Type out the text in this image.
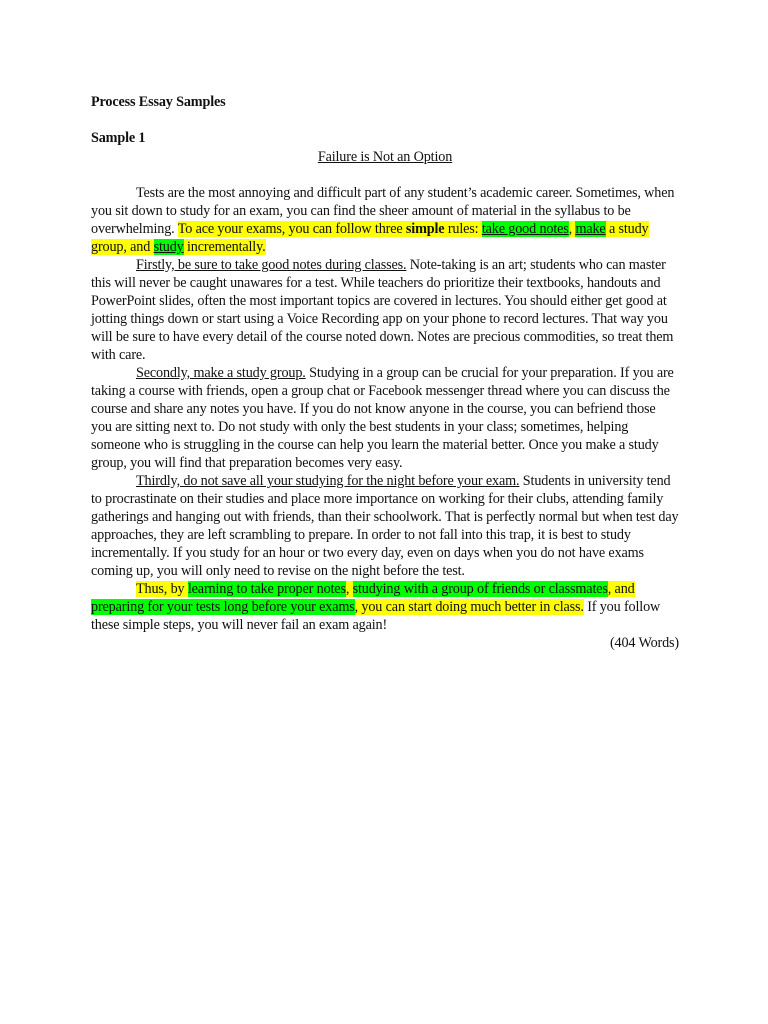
Process Essay Samples

Sample 1

Failure is Not an Option

Tests are the most annoying and difficult part of any student’s academic career. Sometimes, when you sit down to study for an exam, you can find the sheer amount of material in the syllabus to be overwhelming. To ace your exams, you can follow three simple rules: take good notes, make a study group, and study incrementally.

Firstly, be sure to take good notes during classes. Note-taking is an art; students who can master this will never be caught unawares for a test. While teachers do prioritize their textbooks, handouts and PowerPoint slides, often the most important topics are covered in lectures. You should either get good at jotting things down or start using a Voice Recording app on your phone to record lectures. That way you will be sure to have every detail of the course noted down. Notes are precious commodities, so treat them with care.

Secondly, make a study group. Studying in a group can be crucial for your preparation. If you are taking a course with friends, open a group chat or Facebook messenger thread where you can discuss the course and share any notes you have. If you do not know anyone in the course, you can befriend those you are sitting next to. Do not study with only the best students in your class; sometimes, helping someone who is struggling in the course can help you learn the material better. Once you make a study group, you will find that preparation becomes very easy.

Thirdly, do not save all your studying for the night before your exam. Students in university tend to procrastinate on their studies and place more importance on working for their clubs, attending family gatherings and hanging out with friends, than their schoolwork. That is perfectly normal but when test day approaches, they are left scrambling to prepare. In order to not fall into this trap, it is best to study incrementally. If you study for an hour or two every day, even on days when you do not have exams coming up, you will only need to revise on the night before the test.

Thus, by learning to take proper notes, studying with a group of friends or classmates, and preparing for your tests long before your exams, you can start doing much better in class. If you follow these simple steps, you will never fail an exam again!

(404 Words)
